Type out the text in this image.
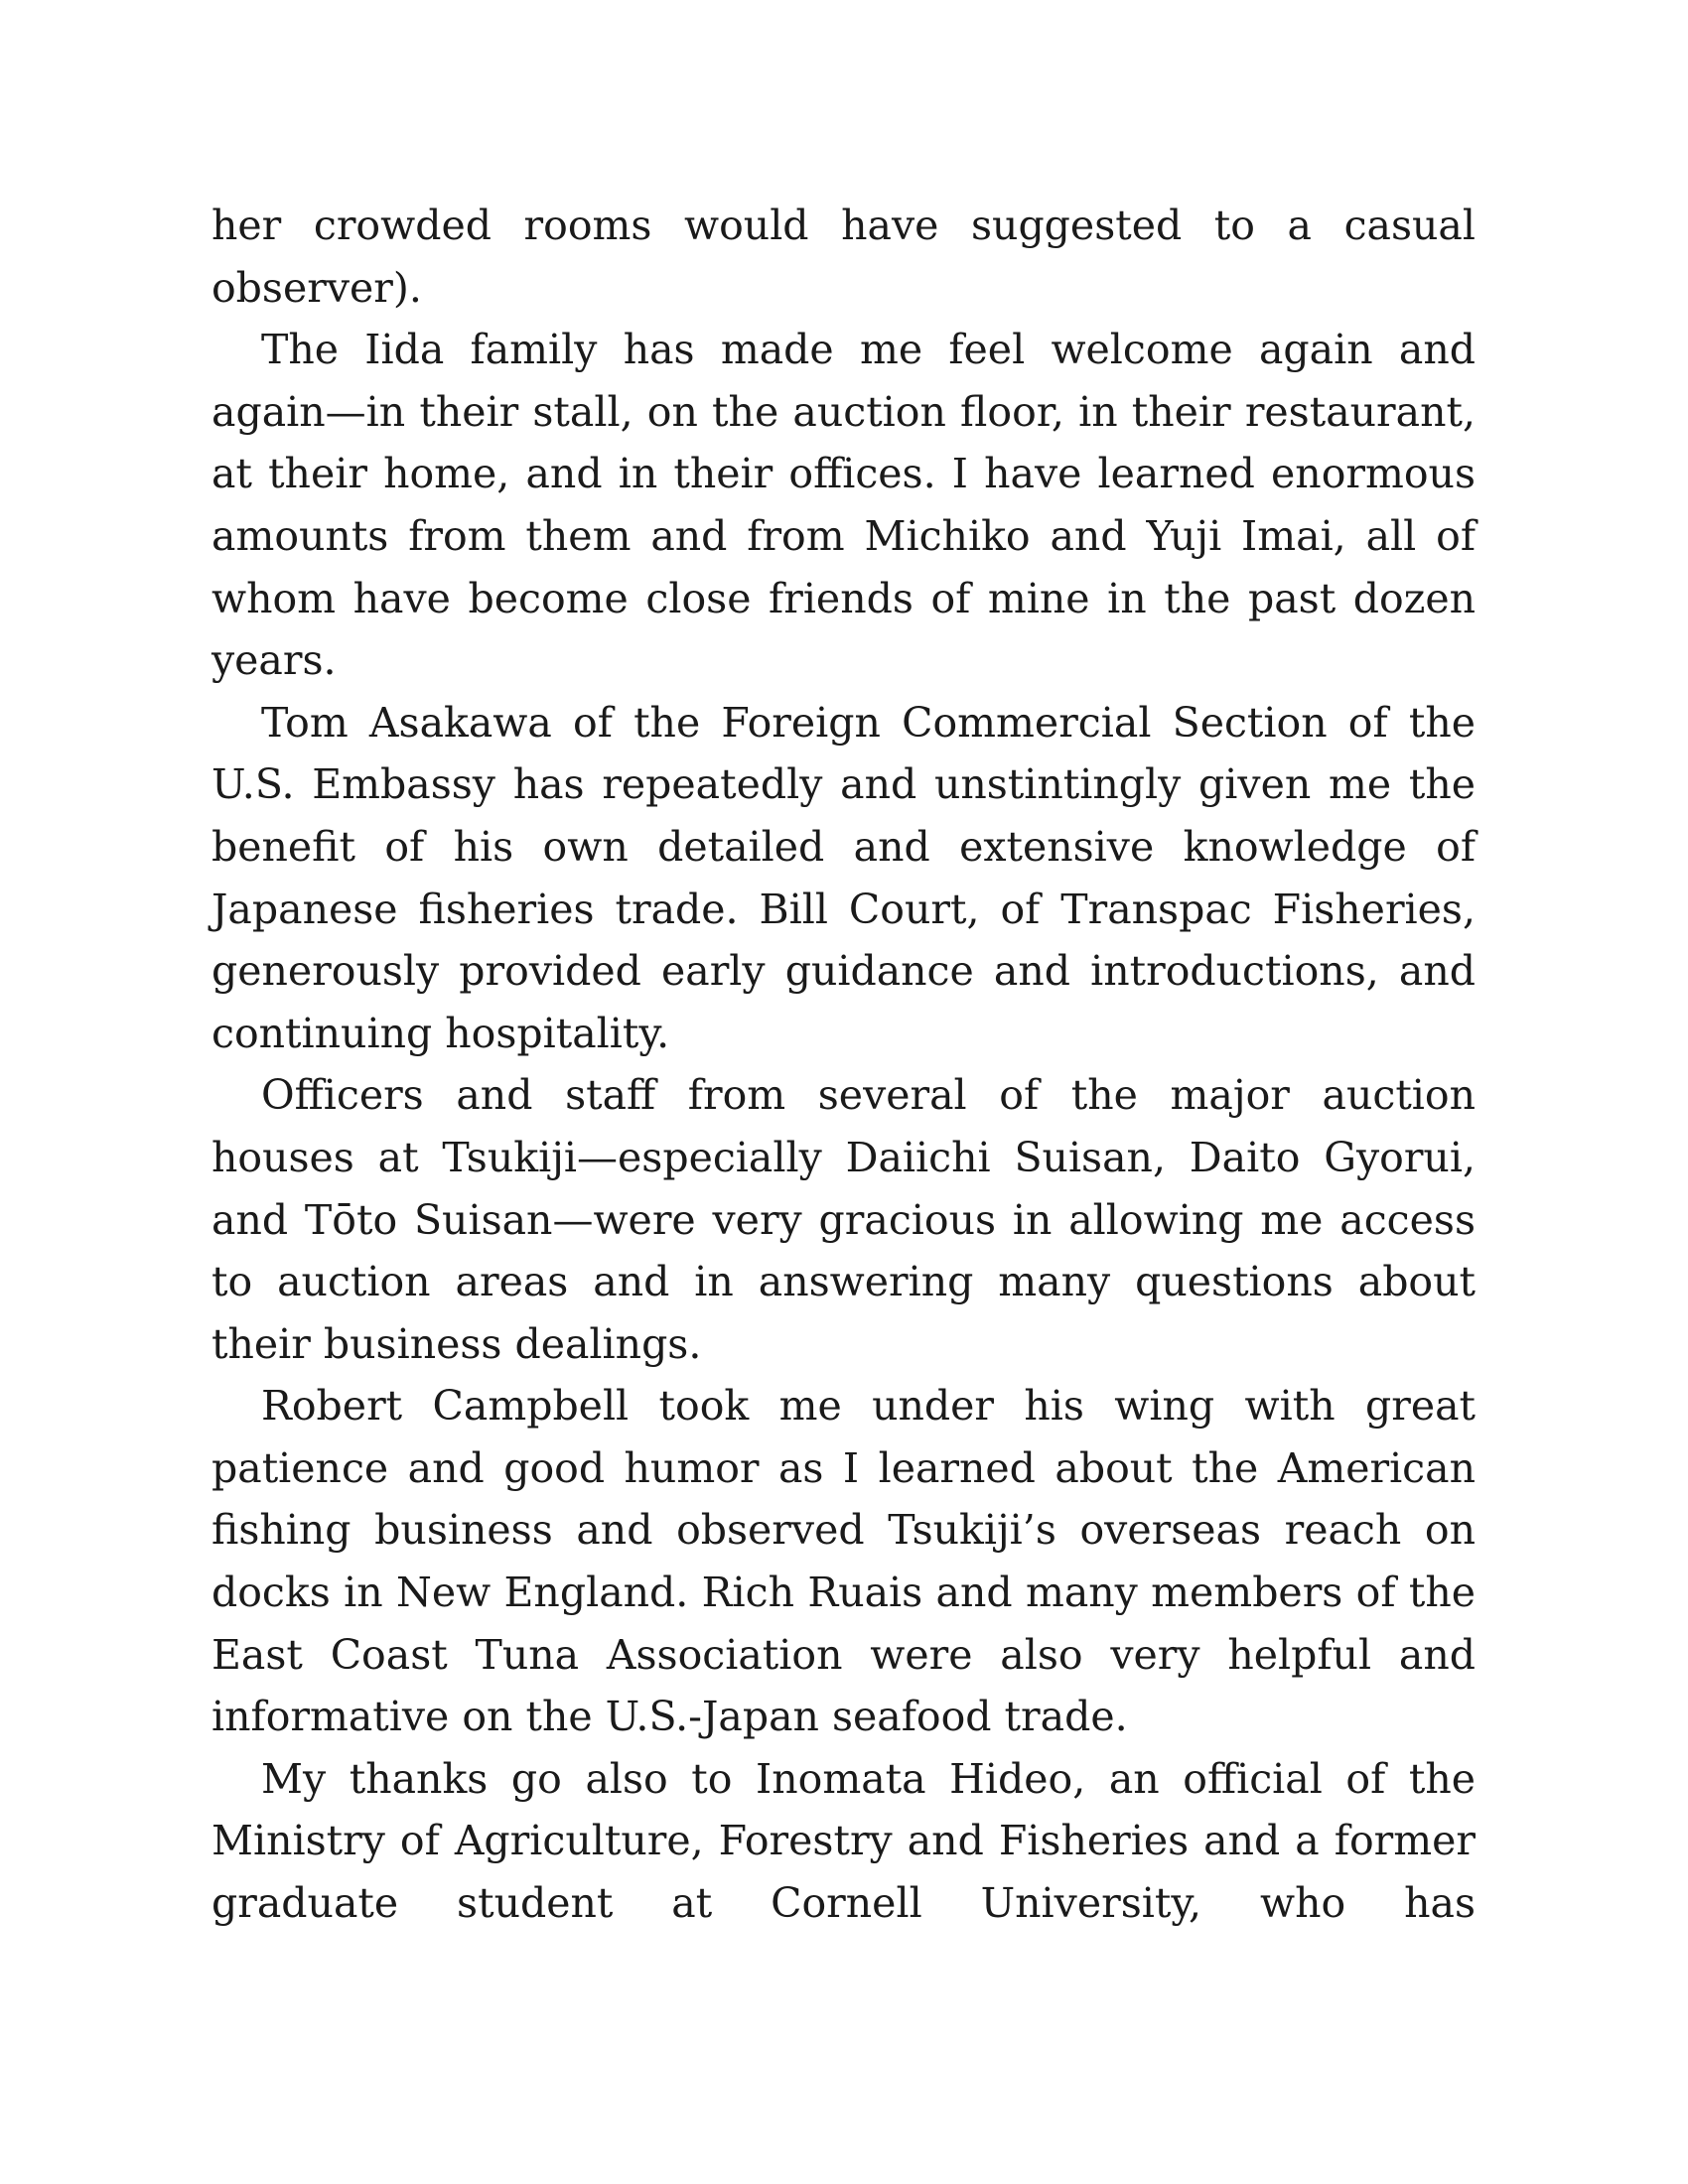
her crowded rooms would have suggested to a casual observer).

The Iida family has made me feel welcome again and again—in their stall, on the auction floor, in their restaurant, at their home, and in their offices. I have learned enormous amounts from them and from Michiko and Yuji Imai, all of whom have become close friends of mine in the past dozen years.

Tom Asakawa of the Foreign Commercial Section of the U.S. Embassy has repeatedly and unstintingly given me the benefit of his own detailed and extensive knowledge of Japanese fisheries trade. Bill Court, of Transpac Fisheries, generously provided early guidance and introductions, and continuing hospitality.

Officers and staff from several of the major auction houses at Tsukiji—especially Daiichi Suisan, Daito Gyorui, and Tōto Suisan—were very gracious in allowing me access to auction areas and in answering many questions about their business dealings.

Robert Campbell took me under his wing with great patience and good humor as I learned about the American fishing business and observed Tsukiji’s overseas reach on docks in New England. Rich Ruais and many members of the East Coast Tuna Association were also very helpful and informative on the U.S.-Japan seafood trade.

My thanks go also to Inomata Hideo, an official of the Ministry of Agriculture, Forestry and Fisheries and a former graduate student at Cornell University, who has
